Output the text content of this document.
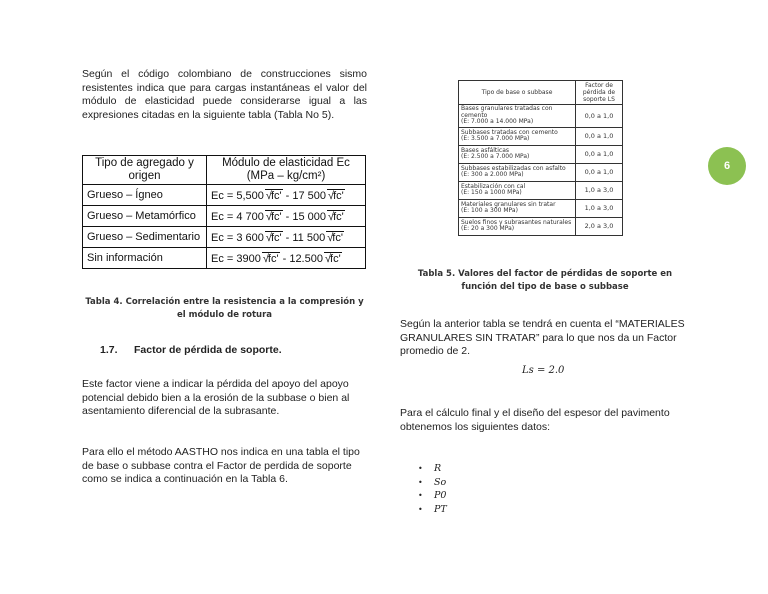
Según el código colombiano de construcciones sismo resistentes indica que para cargas instantáneas el valor del módulo de elasticidad puede considerarse igual a las expresiones citadas en la siguiente tabla (Tabla No 5).
Tipo de agregado y origen	Módulo de elasticidad Ec (MPa – kg/cm²)
Grueso – Ígneo	Ec = 5,500 √ fc' - 17 500 √ fc'
Grueso – Metamórfico	Ec = 4 700 √ fc' - 15 000 √ fc'
Grueso – Sedimentario	Ec = 3 600 √ fc' - 11 500 √ fc'
Sin información	Ec = 3900 √ fc' - 12.500 √ fc'
Tabla 4. Correlación entre la resistencia a la compresión y el módulo de rotura
1.7. Factor de pérdida de soporte.
Este factor viene a indicar la pérdida del apoyo del apoyo potencial debido bien a la erosión de la subbase o bien al asentamiento diferencial de la subrasante.
Para ello el método AASTHO nos indica en una tabla el tipo de base o subbase contra el Factor de perdida de soporte como se indica a continuación en la Tabla 6.
Tipo de base o subbase	Factor de pérdida de soporte LS

Bases granulares tratadas con cemento
(E: 7.000 a 14.000 MPa)	0,0 a 1,0

Subbases tratadas con cemento
(E: 3.500 a 7.000 MPa)	0,0 a 1,0

Bases asfálticas
(E: 2.500 a 7.000 MPa)	0,0 a 1,0

Subbases estabilizadas con asfalto
(E: 300 a 2.000 MPa)	0,0 a 1,0

Estabilización con cal
(E: 150 a 1000 MPa)	1,0 a 3,0

Materiales granulares sin tratar
(E: 100 a 300 MPa)	1,0 a 3,0

Suelos finos y subrasantes naturales
(E: 20 a 300 MPa)	2,0 a 3,0
Tabla 5. Valores del factor de pérdidas de soporte en función del tipo de base o subbase
Según la anterior tabla se tendrá en cuenta el “MATERIALES GRANULARES SIN TRATAR” para lo que nos da un Factor promedio de 2.
Ls = 2.0
Para el cálculo final y el diseño del espesor del pavimento obtenemos los siguientes datos:
• R
• So
• P0
• PT
6
